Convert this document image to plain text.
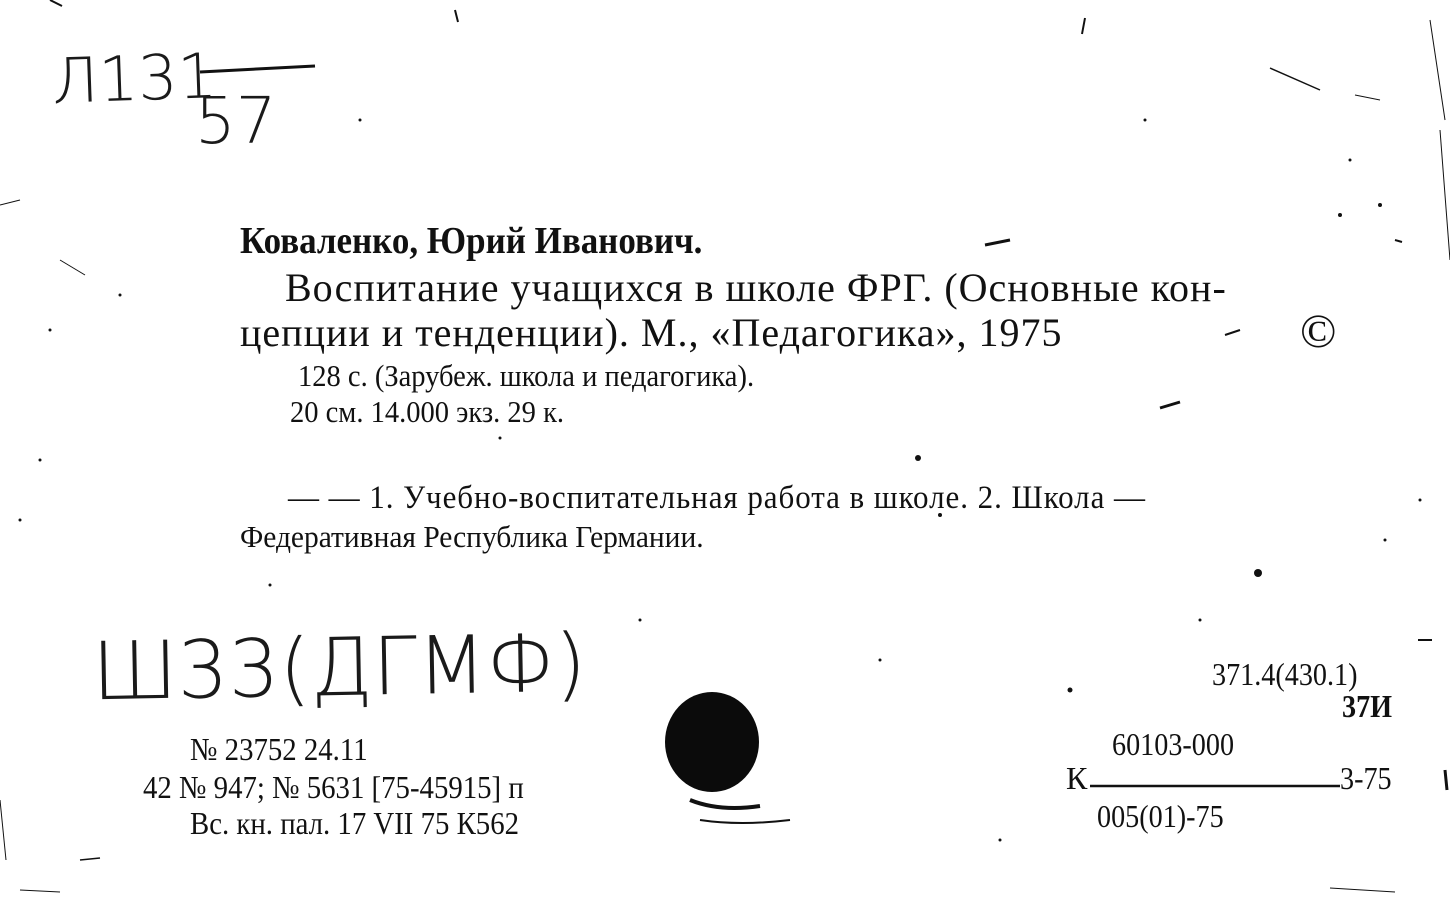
Л131
57
Коваленко, Юрий Иванович.
Воспитание учащихся в школе ФРГ. (Основные кон-
цепции и тенденции). М., «Педагогика», 1975	©
128 с. (Зарубеж. школа и педагогика).
20 см. 14.000 экз. 29 к.
— — 1. Учебно-воспитательная работа в школе. 2. Школа —
Федеративная Республика Германии.
Ш33(ДГМФ)
№ 23752 24.11
42 № 947; № 5631 [75-45915] п
Вс. кн. пал. 17 VII 75 К562
371.4(430.1)
37И
60103-000
К	3-75
005(01)-75
